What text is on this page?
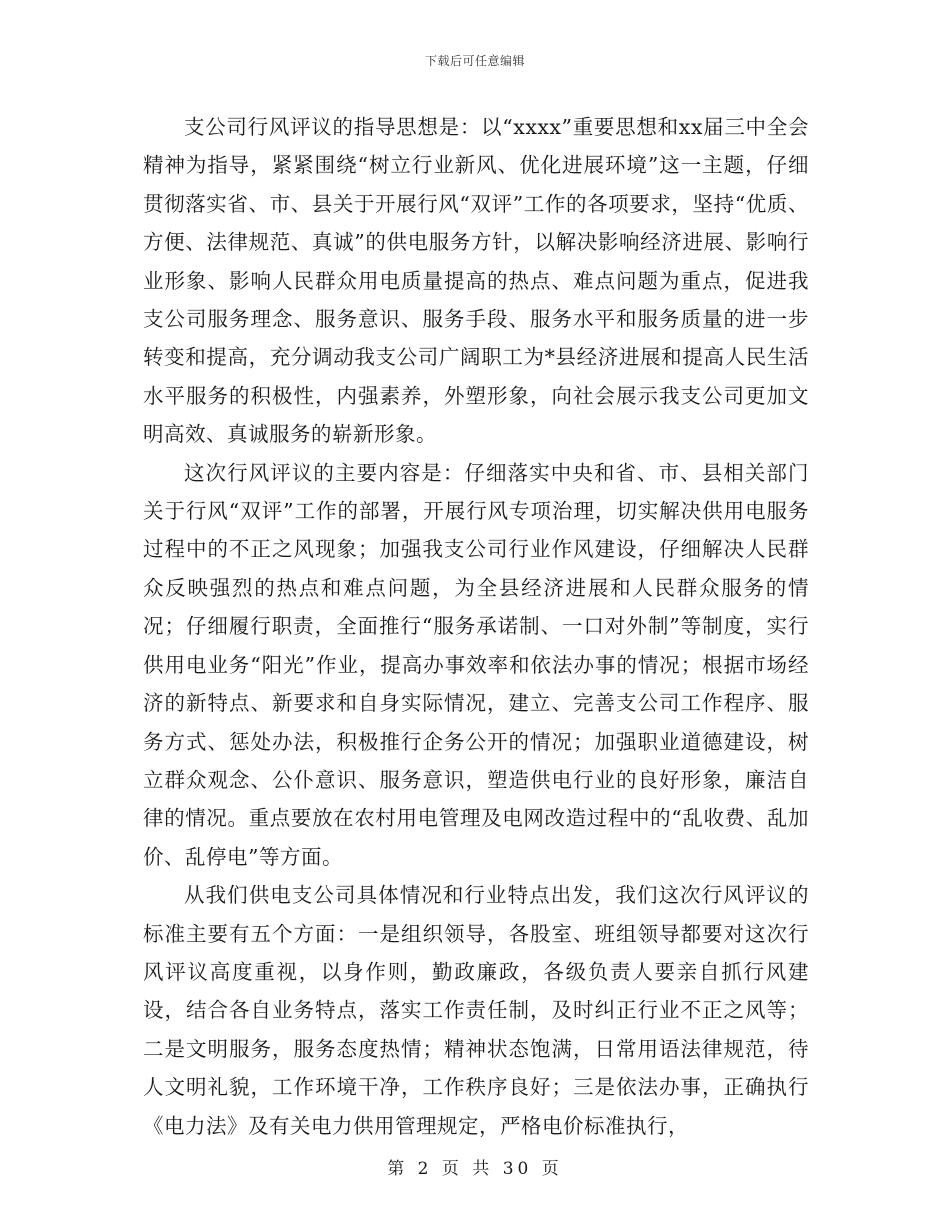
下载后可任意编辑

支公司行风评议的指导思想是：以“xxxx”重要思想和xx届三中全会精神为指导，紧紧围绕“树立行业新风、优化进展环境”这一主题，仔细贯彻落实省、市、县关于开展行风“双评”工作的各项要求，坚持“优质、方便、法律规范、真诚”的供电服务方针，以解决影响经济进展、影响行业形象、影响人民群众用电质量提高的热点、难点问题为重点，促进我支公司服务理念、服务意识、服务手段、服务水平和服务质量的进一步转变和提高，充分调动我支公司广阔职工为*县经济进展和提高人民生活水平服务的积极性，内强素养，外塑形象，向社会展示我支公司更加文明高效、真诚服务的崭新形象。

这次行风评议的主要内容是：仔细落实中央和省、市、县相关部门关于行风“双评”工作的部署，开展行风专项治理，切实解决供用电服务过程中的不正之风现象；加强我支公司行业作风建设，仔细解决人民群众反映强烈的热点和难点问题，为全县经济进展和人民群众服务的情况；仔细履行职责，全面推行“服务承诺制、一口对外制”等制度，实行供用电业务“阳光”作业，提高办事效率和依法办事的情况；根据市场经济的新特点、新要求和自身实际情况，建立、完善支公司工作程序、服务方式、惩处办法，积极推行企务公开的情况；加强职业道德建设，树立群众观念、公仆意识、服务意识，塑造供电行业的良好形象，廉洁自律的情况。重点要放在农村用电管理及电网改造过程中的“乱收费、乱加价、乱停电”等方面。

从我们供电支公司具体情况和行业特点出发，我们这次行风评议的标准主要有五个方面：一是组织领导，各股室、班组领导都要对这次行风评议高度重视，以身作则，勤政廉政，各级负责人要亲自抓行风建设，结合各自业务特点，落实工作责任制，及时纠正行业不正之风等；二是文明服务，服务态度热情；精神状态饱满，日常用语法律规范，待人文明礼貌，工作环境干净，工作秩序良好；三是依法办事，正确执行《电力法》及有关电力供用管理规定，严格电价标准执行，

第 2 页 共 30 页
